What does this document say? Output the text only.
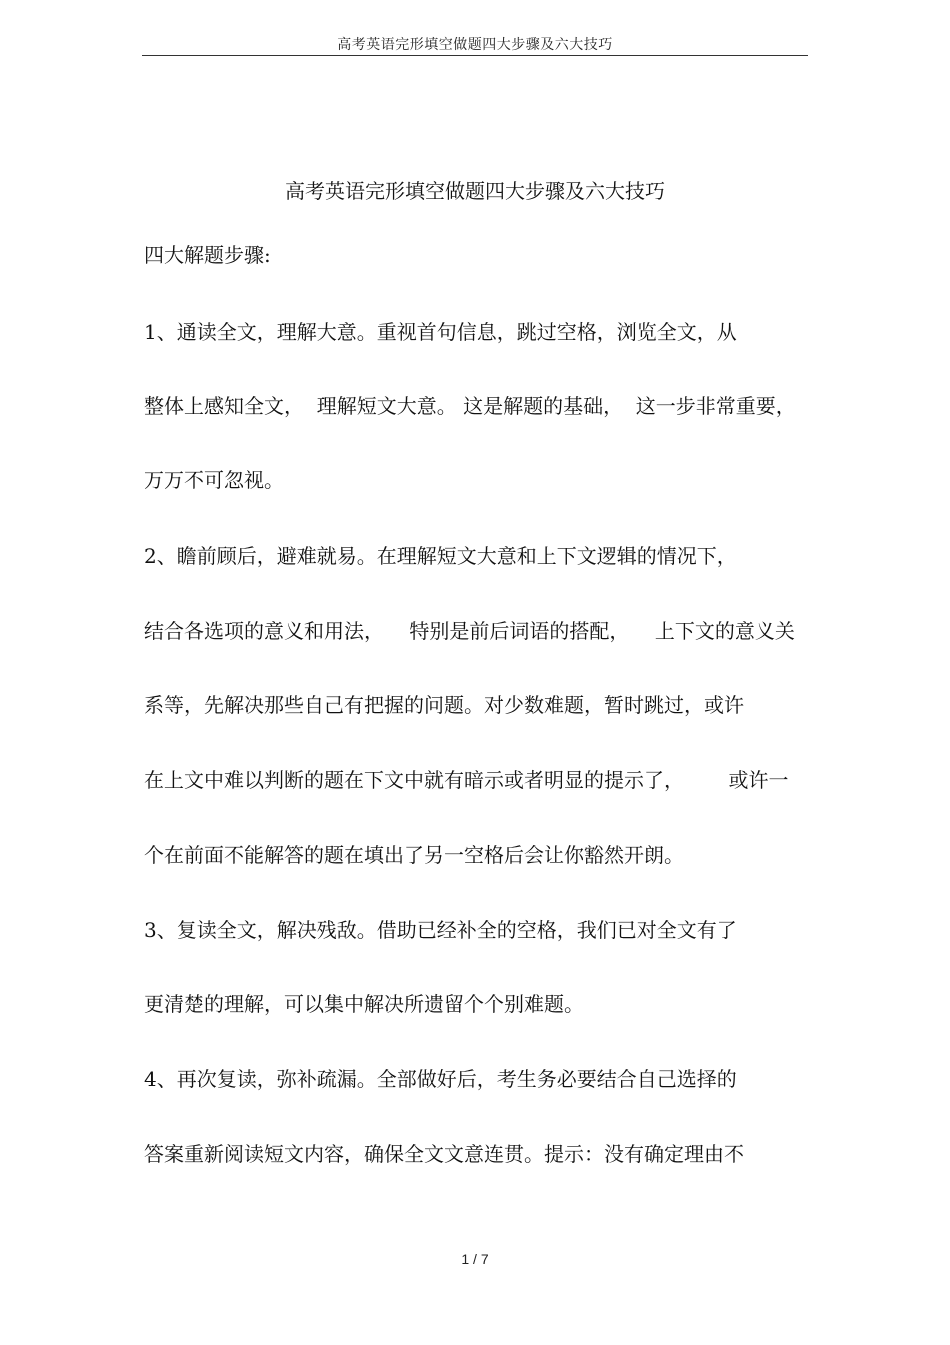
高考英语完形填空做题四大步骤及六大技巧
高考英语完形填空做题四大步骤及六大技巧
四大解题步骤:
1、通读全文，理解大意。重视首句信息，跳过空格，浏览全文，从
整体上感知全文，  理解短文大意。 这是解题的基础，  这一步非常重要，
万万不可忽视。
2、瞻前顾后，避难就易。在理解短文大意和上下文逻辑的情况下，
结合各选项的意义和用法，    特别是前后词语的搭配，    上下文的意义关
系等，先解决那些自己有把握的问题。对少数难题，暂时跳过，或许
在上文中难以判断的题在下文中就有暗示或者明显的提示了，       或许一
个在前面不能解答的题在填出了另一空格后会让你豁然开朗。
3、复读全文，解决残敌。借助已经补全的空格，我们已对全文有了
更清楚的理解，可以集中解决所遗留个个别难题。
4、再次复读，弥补疏漏。全部做好后，考生务必要结合自己选择的
答案重新阅读短文内容，确保全文文意连贯。提示：没有确定理由不
1 / 7
